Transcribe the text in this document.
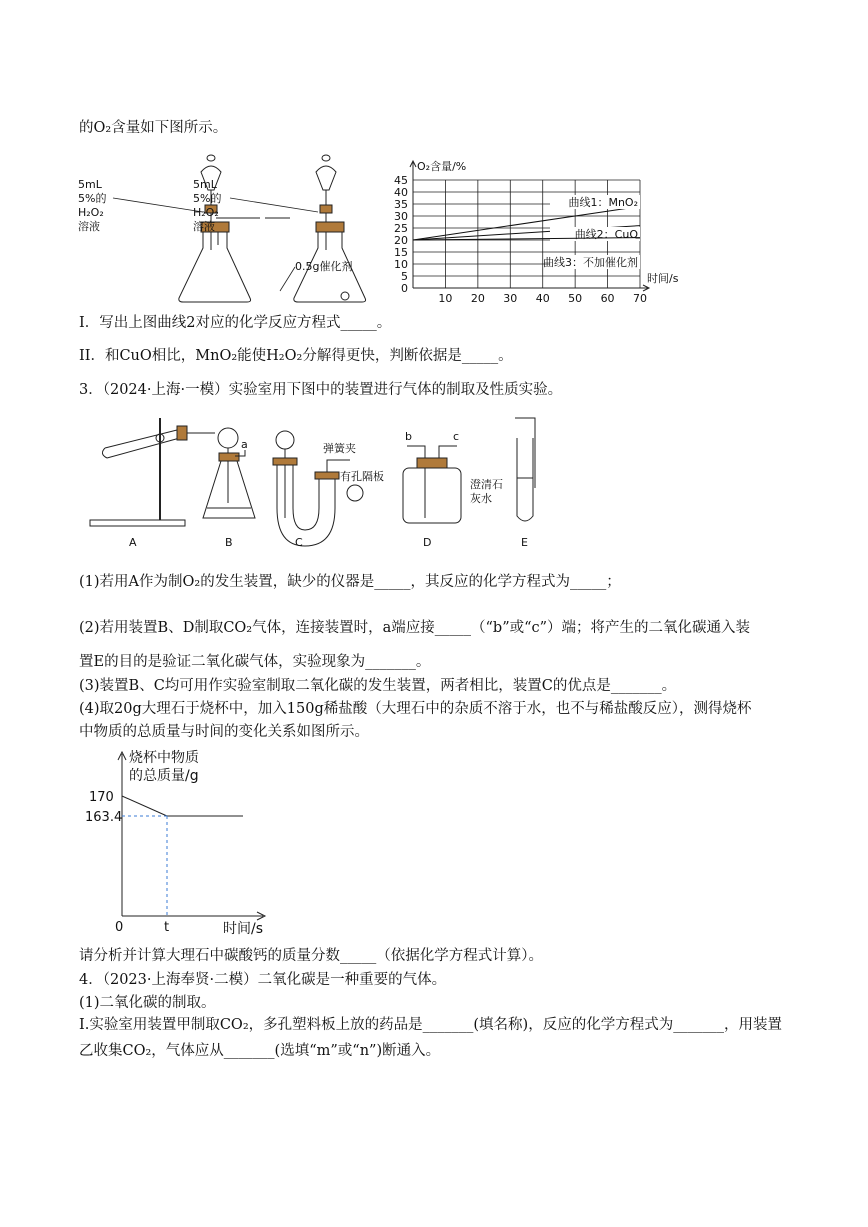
的O₂含量如下图所示。
5mL
5%的
H₂O₂
溶液
5mL
5%的
H₂O₂
溶液
0.5g催化剂
曲线1：MnO₂
曲线2：CuO
曲线3：不加催化剂
0
5
10
15
20
25
30
35
40
45
10 20 30 40 50 60 70
O₂含量/%
时间/s
I．写出上图曲线2对应的化学反应方程式_____。
II．和CuO相比，MnO₂能使H₂O₂分解得更快，判断依据是_____。
3．（2024·上海·一模）实验室用下图中的装置进行气体的制取及性质实验。
A
a
B
弹簧夹
有孔隔板
C
b	c
D
澄清石
灰水
E
(1)若用A作为制O₂的发生装置，缺少的仪器是_____，其反应的化学方程式为_____；
(2)若用装置B、D制取CO₂气体，连接装置时，a端应接_____（“b”或“c”）端；将产生的二氧化碳通入装
置E的目的是验证二氧化碳气体，实验现象为_______。
(3)装置B、C均可用作实验室制取二氧化碳的发生装置，两者相比，装置C的优点是_______。
(4)取20g大理石于烧杯中，加入150g稀盐酸（大理石中的杂质不溶于水，也不与稀盐酸反应），测得烧杯
中物质的总质量与时间的变化关系如图所示。
烧杯中物质
的总质量/g
170
163.4
0	t	时间/s
请分析并计算大理石中碳酸钙的质量分数_____（依据化学方程式计算）。
4．（2023·上海奉贤·二模）二氧化碳是一种重要的气体。
(1)二氧化碳的制取。
I.实验室用装置甲制取CO₂，多孔塑料板上放的药品是_______(填名称)，反应的化学方程式为_______，用装置乙收集CO₂，气体应从_______(选填“m”或“n”)断通入。
